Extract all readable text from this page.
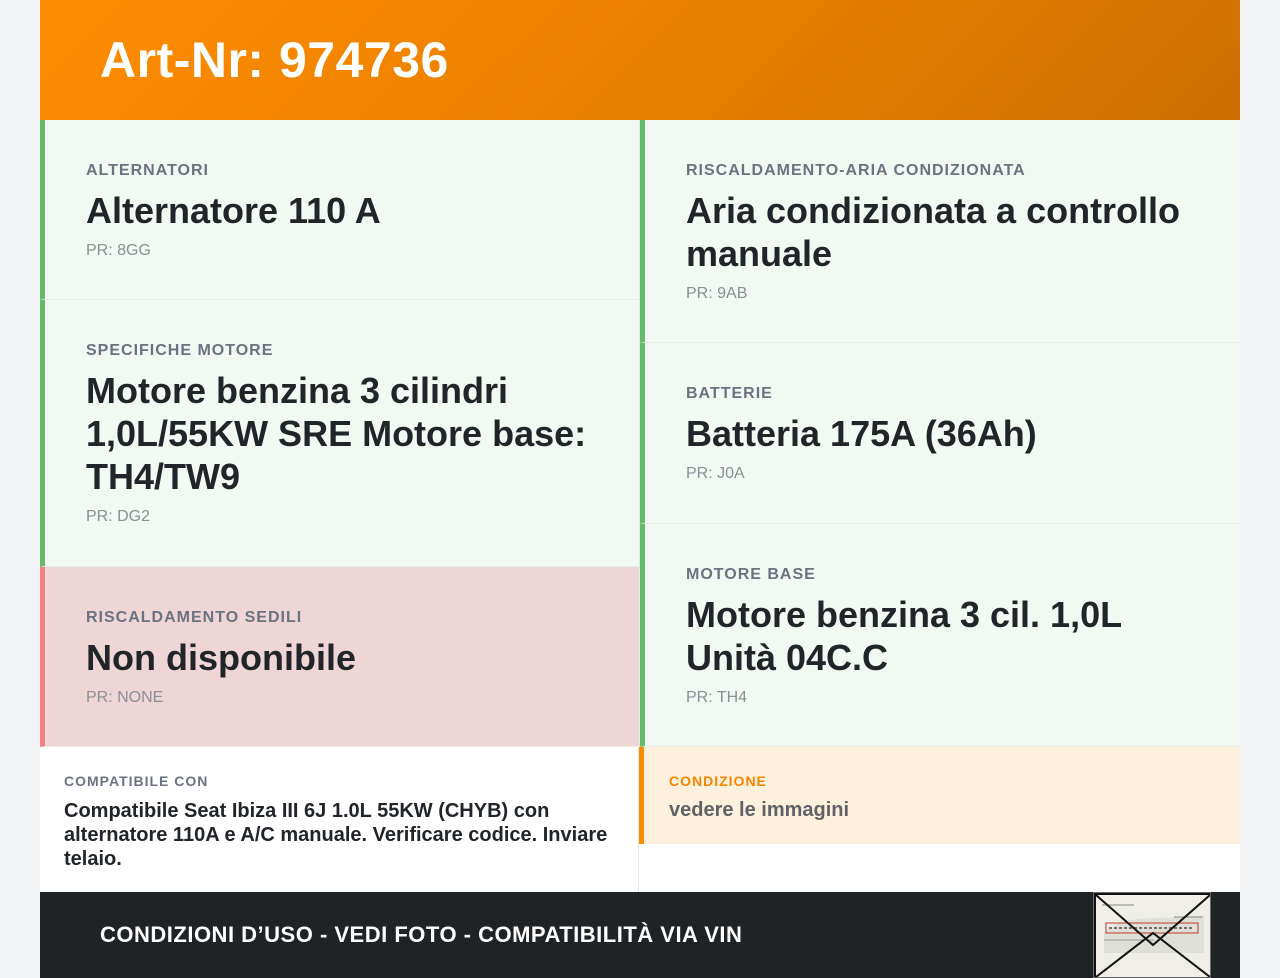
Art-Nr: 974736

ALTERNATORI

Alternatore 110 A

PR: 8GG

SPECIFICHE MOTORE

Motore benzina 3 cilindri 1,0L/55KW SRE Motore base: TH4/TW9

PR: DG2

RISCALDAMENTO SEDILI

Non disponibile

PR: NONE

RISCALDAMENTO-ARIA CONDIZIONATA

Aria condizionata a controllo manuale

PR: 9AB

BATTERIE

Batteria 175A (36Ah)

PR: J0A

MOTORE BASE

Motore benzina 3 cil. 1,0L Unità 04C.C

PR: TH4

COMPATIBILE CON

Compatibile Seat Ibiza III 6J 1.0L 55KW (CHYB) con alternatore 110A e A/C manuale. Verificare codice. Inviare telaio.

CONDIZIONE

vedere le immagini

CONDIZIONI D’USO - VEDI FOTO - COMPATIBILITÀ VIA VIN
